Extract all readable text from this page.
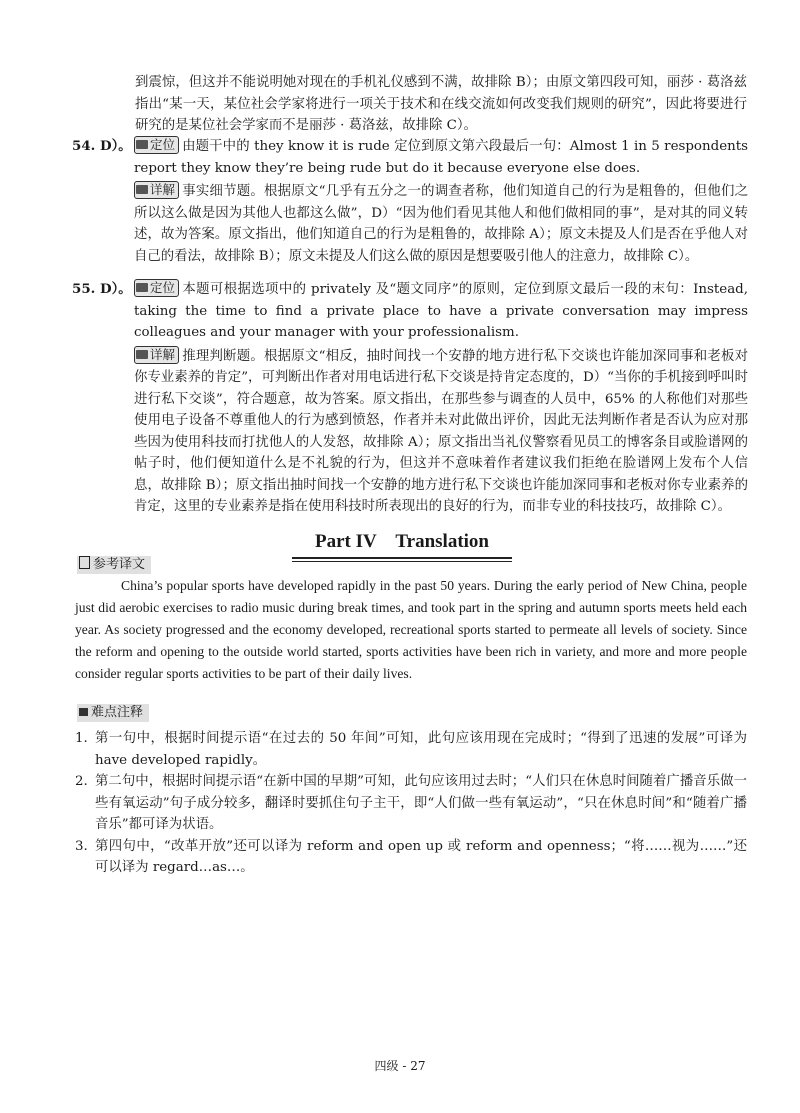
到震惊，但这并不能说明她对现在的手机礼仪感到不满，故排除 B）；由原文第四段可知，丽莎 · 葛洛兹指出“某一天，某位社会学家将进行一项关于技术和在线交流如何改变我们规则的研究”，因此将要进行研究的是某位社会学家而不是丽莎 · 葛洛兹，故排除 C）。
54. D）。	定位 由题干中的 they know it is rude 定位到原文第六段最后一句：Almost 1 in 5 respondents report they know they’re being rude but do it because everyone else does.
详解 事实细节题。根据原文“几乎有五分之一的调查者称，他们知道自己的行为是粗鲁的，但他们之所以这么做是因为其他人也都这么做”，D）“因为他们看见其他人和他们做相同的事”，是对其的同义转述，故为答案。原文指出，他们知道自己的行为是粗鲁的，故排除 A）；原文未提及人们是否在乎他人对自己的看法，故排除 B）；原文未提及人们这么做的原因是想要吸引他人的注意力，故排除 C）。
55. D）。	定位 本题可根据选项中的 privately 及“题文同序”的原则，定位到原文最后一段的末句：Instead, taking the time to find a private place to have a private conversation may impress colleagues and your manager with your professionalism.
详解 推理判断题。根据原文“相反，抽时间找一个安静的地方进行私下交谈也许能加深同事和老板对你专业素养的肯定”，可判断出作者对用电话进行私下交谈是持肯定态度的，D）“当你的手机接到呼叫时进行私下交谈”，符合题意，故为答案。原文指出，在那些参与调查的人员中，65% 的人称他们对那些使用电子设备不尊重他人的行为感到愤怒，作者并未对此做出评价，因此无法判断作者是否认为应对那些因为使用科技而打扰他人的人发怒，故排除 A）；原文指出当礼仪警察看见员工的博客条目或脸谱网的帖子时，他们便知道什么是不礼貌的行为，但这并不意味着作者建议我们拒绝在脸谱网上发布个人信息，故排除 B）；原文指出抽时间找一个安静的地方进行私下交谈也许能加深同事和老板对你专业素养的肯定，这里的专业素养是指在使用科技时所表现出的良好的行为，而非专业的科技技巧，故排除 C）。
Part IV　Translation
参考译文
China’s popular sports have developed rapidly in the past 50 years. During the early period of New China, people just did aerobic exercises to radio music during break times, and took part in the spring and autumn sports meets held each year. As society progressed and the economy developed, recreational sports started to permeate all levels of society. Since the reform and opening to the outside world started, sports activities have been rich in variety, and more and more people consider regular sports activities to be part of their daily lives.
难点注释
1. 第一句中，根据时间提示语“在过去的 50 年间”可知，此句应该用现在完成时；“得到了迅速的发展”可译为 have developed rapidly。
2. 第二句中，根据时间提示语“在新中国的早期”可知，此句应该用过去时；“人们只在休息时间随着广播音乐做一些有氧运动”句子成分较多，翻译时要抓住句子主干，即“人们做一些有氧运动”，“只在休息时间”和“随着广播音乐”都可译为状语。
3. 第四句中，“改革开放”还可以译为 reform and open up 或 reform and openness；“将……视为……”还可以译为 regard…as…。
四级 - 27
